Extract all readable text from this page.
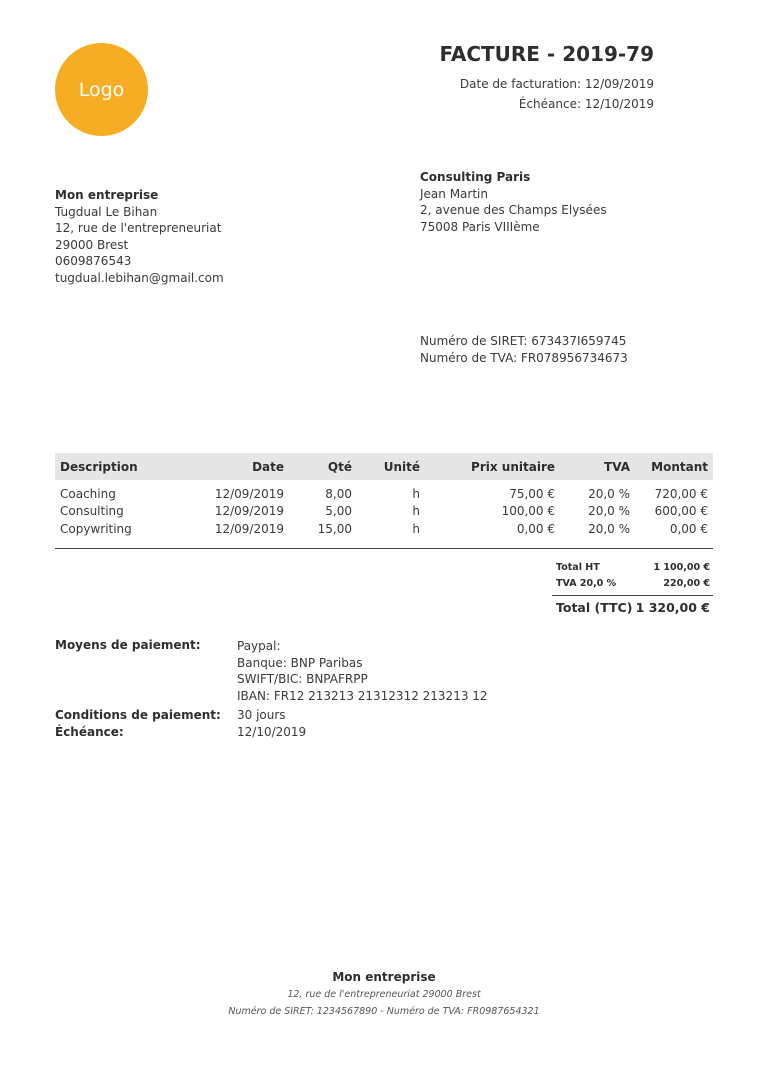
Logo
FACTURE - 2019-79
Date de facturation: 12/09/2019
Échéance: 12/10/2019
Mon entreprise
Tugdual Le Bihan
12, rue de l'entrepreneuriat
29000 Brest
0609876543
tugdual.lebihan@gmail.com
Consulting Paris
Jean Martin
2, avenue des Champs Elysées
75008 Paris VIIIème
Numéro de SIRET: 673437I659745
Numéro de TVA: FR078956734673
Description	Date	Qté	Unité	Prix unitaire	TVA	Montant
Coaching	12/09/2019	8,00	h	75,00 €	20,0 %	720,00 €
Consulting	12/09/2019	5,00	h	100,00 €	20,0 %	600,00 €
Copywriting	12/09/2019	15,00	h	0,00 €	20,0 %	0,00 €
Total HT	1 100,00 €
TVA 20,0 %	220,00 €
Total (TTC) 1 320,00 €
Moyens de paiement:	Paypal:
Banque: BNP Paribas
SWIFT/BIC: BNPAFRPP
IBAN: FR12 213213 21312312 213213 12
Conditions de paiement: 30 jours
Échéance:	12/10/2019
Mon entreprise
12, rue de l'entrepreneuriat 29000 Brest
Numéro de SIRET: 1234567890 - Numéro de TVA: FR0987654321
